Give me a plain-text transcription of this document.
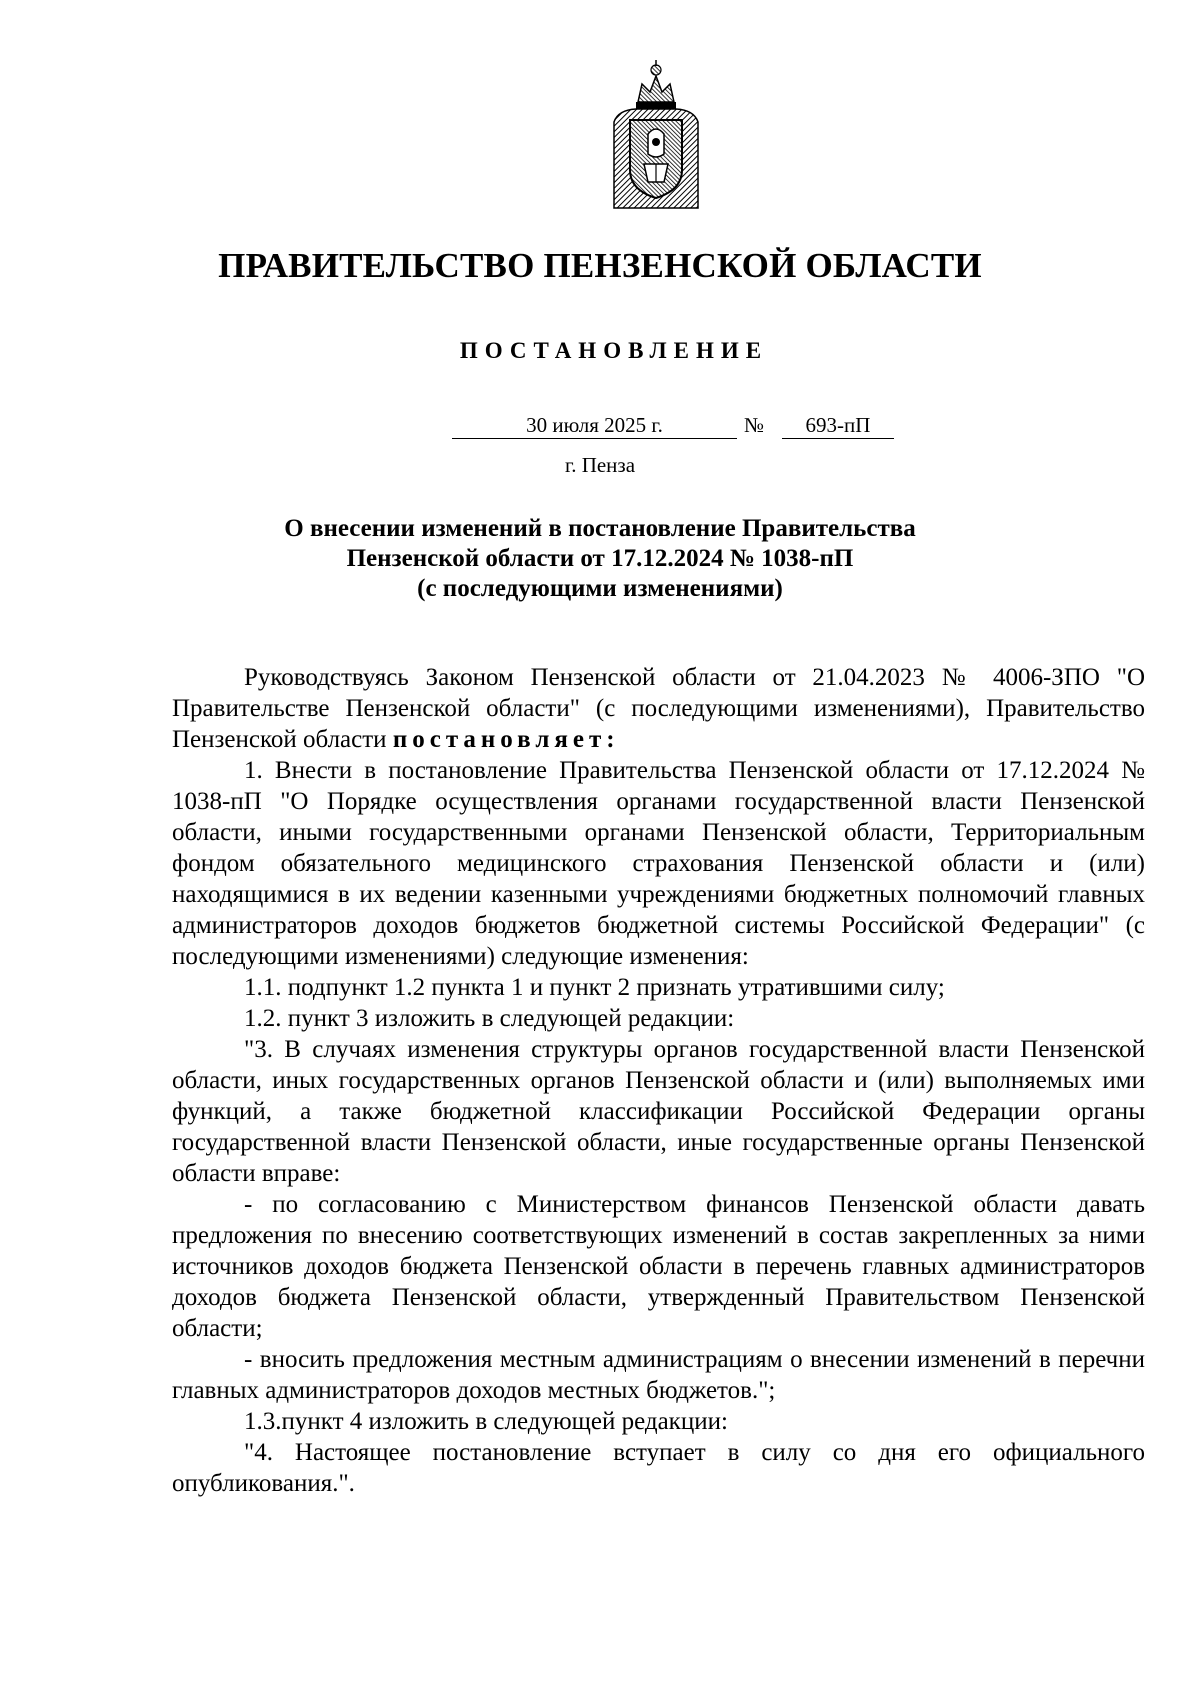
ПРАВИТЕЛЬСТВО ПЕНЗЕНСКОЙ ОБЛАСТИ
ПОСТАНОВЛЕНИЕ
30 июля 2025 г.	№	693-пП
г. Пенза
О внесении изменений в постановление Правительства
Пензенской области от 17.12.2024 № 1038-пП
(с последующими изменениями)

Руководствуясь Законом Пензенской области от 21.04.2023 № 4006-ЗПО "О Правительстве Пензенской области" (с последующими изменениями), Правительство Пензенской области постановляет:

1. Внести в постановление Правительства Пензенской области от 17.12.2024 № 1038-пП "О Порядке осуществления органами государственной власти Пензенской области, иными государственными органами Пензенской области, Территориальным фондом обязательного медицинского страхования Пензенской области и (или) находящимися в их ведении казенными учреждениями бюджетных полномочий главных администраторов доходов бюджетов бюджетной системы Российской Федерации" (с последующими изменениями) следующие изменения:

1.1. подпункт 1.2 пункта 1 и пункт 2 признать утратившими силу;

1.2. пункт 3 изложить в следующей редакции:

"3. В случаях изменения структуры органов государственной власти Пензенской области, иных государственных органов Пензенской области и (или) выполняемых ими функций, а также бюджетной классификации Российской Федерации органы государственной власти Пензенской области, иные государственные органы Пензенской области вправе:

- по согласованию с Министерством финансов Пензенской области давать предложения по внесению соответствующих изменений в состав закрепленных за ними источников доходов бюджета Пензенской области в перечень главных администраторов доходов бюджета Пензенской области, утвержденный Правительством Пензенской области;

- вносить предложения местным администрациям о внесении изменений в перечни главных администраторов доходов местных бюджетов.";

1.3.пункт 4 изложить в следующей редакции:

"4. Настоящее постановление вступает в силу со дня его официального опубликования.".
